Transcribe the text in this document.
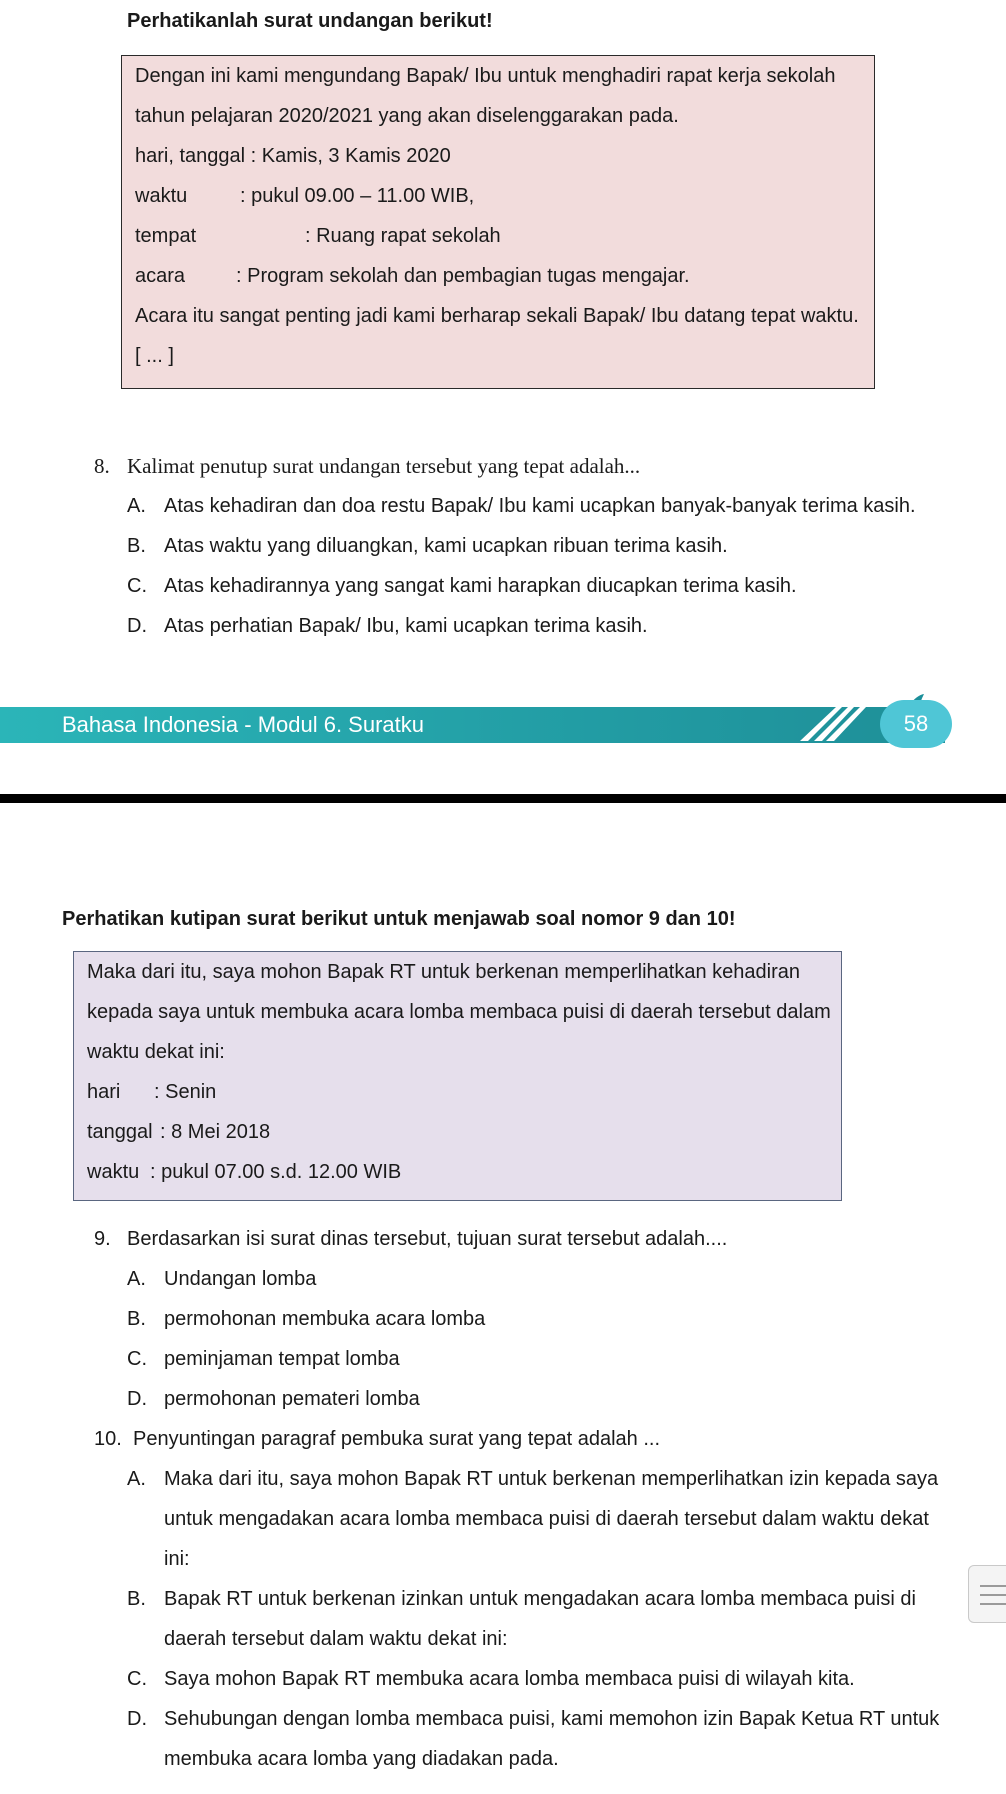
Perhatikanlah surat undangan berikut!
Dengan ini kami mengundang Bapak/ Ibu untuk menghadiri rapat kerja sekolah
tahun pelajaran 2020/2021 yang akan diselenggarakan pada.
hari, tanggal : Kamis, 3 Kamis 2020
waktu	: pukul 09.00 – 11.00 WIB,
tempat	: Ruang rapat sekolah
acara	: Program sekolah dan pembagian tugas mengajar.
Acara itu sangat penting jadi kami berharap sekali Bapak/ Ibu datang tepat waktu.
[ ... ]
8. Kalimat penutup surat undangan tersebut yang tepat adalah...
A. Atas kehadiran dan doa restu Bapak/ Ibu kami ucapkan banyak-banyak terima kasih.
B. Atas waktu yang diluangkan, kami ucapkan ribuan terima kasih.
C. Atas kehadirannya yang sangat kami harapkan diucapkan terima kasih.
D. Atas perhatian Bapak/ Ibu, kami ucapkan terima kasih.
Bahasa Indonesia - Modul 6. Suratku	58
Perhatikan kutipan surat berikut untuk menjawab soal nomor 9 dan 10!
Maka dari itu, saya mohon Bapak RT untuk berkenan memperlihatkan kehadiran
kepada saya untuk membuka acara lomba membaca puisi di daerah tersebut dalam
waktu dekat ini:
hari : Senin
tanggal : 8 Mei 2018
waktu : pukul 07.00 s.d. 12.00 WIB
9. Berdasarkan isi surat dinas tersebut, tujuan surat tersebut adalah....
A. Undangan lomba
B. permohonan membuka acara lomba
C. peminjaman tempat lomba
D. permohonan pemateri lomba
10. Penyuntingan paragraf pembuka surat yang tepat adalah ...
A. Maka dari itu, saya mohon Bapak RT untuk berkenan memperlihatkan izin kepada saya
untuk mengadakan acara lomba membaca puisi di daerah tersebut dalam waktu dekat
ini:
B. Bapak RT untuk berkenan izinkan untuk mengadakan acara lomba membaca puisi di
daerah tersebut dalam waktu dekat ini:
C. Saya mohon Bapak RT membuka acara lomba membaca puisi di wilayah kita.
D. Sehubungan dengan lomba membaca puisi, kami memohon izin Bapak Ketua RT untuk
membuka acara lomba yang diadakan pada.
